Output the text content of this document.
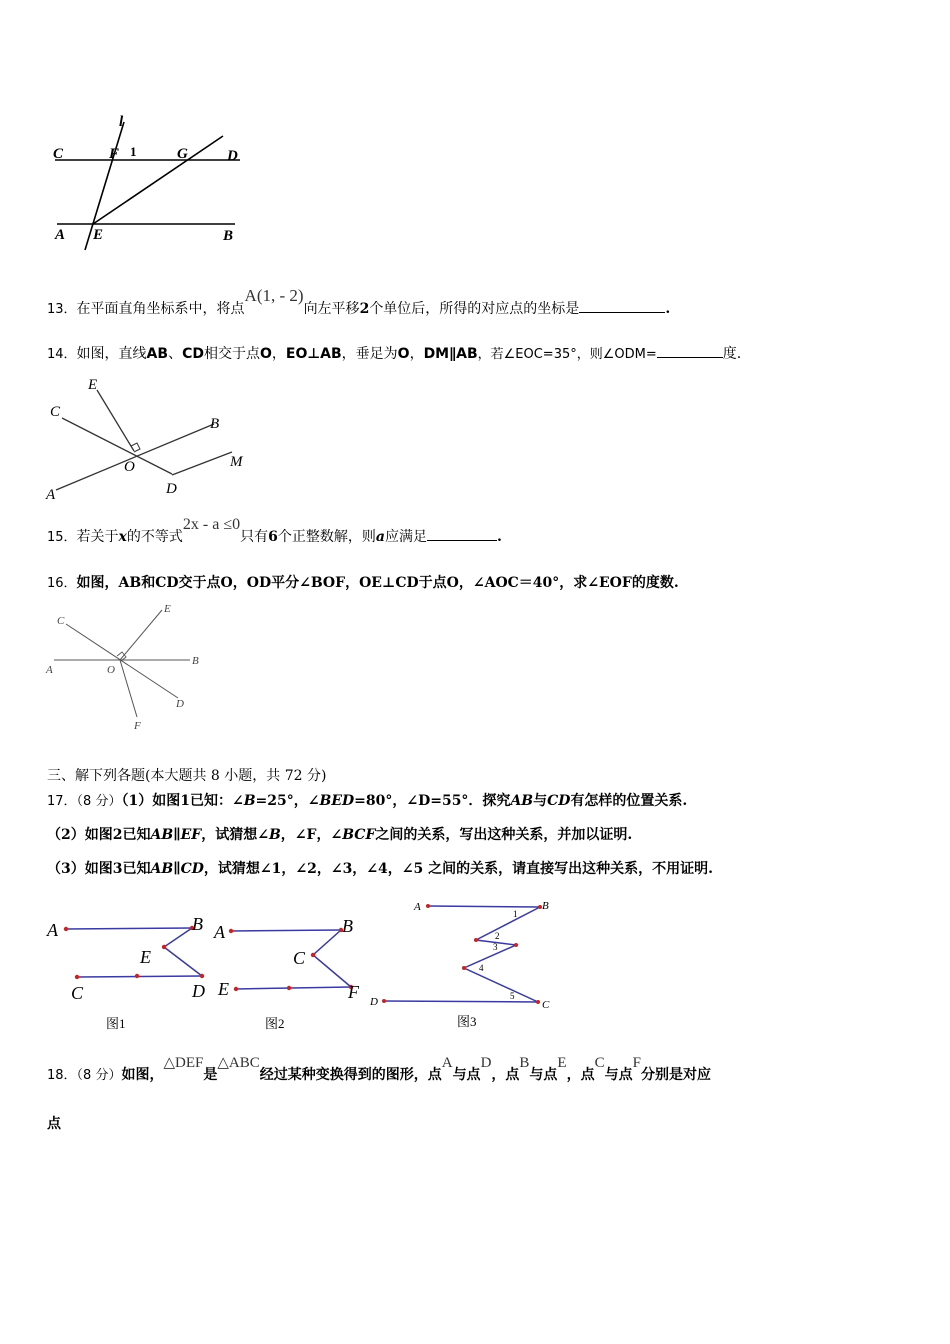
l
C	F 1	G	D
A E	B
13．在平面直角坐标系中，将点A(1, - 2)向左平移2个单位后，所得的对应点的坐标是	.
14．如图，直线AB、CD相交于点O，EO⊥AB，垂足为O，DM∥AB，若∠EOC=35°，则∠ODM=	度.
E
C
B
O	M
D
A
15．若关于x的不等式2x - a ≤0只有6个正整数解，则a应满足	.
16．如图，AB和CD交于点O，OD平分∠BOF，OE⊥CD于点O，∠AOC＝40°，求∠EOF的度数.
C
E
A	O
B
D
F
三、解下列各题(本大题共 8 小题，共 72 分)
17．（8 分）（1）如图1已知：∠B=25°，∠BED=80°，∠D=55°．探究AB与CD有怎样的位置关系.
（2）如图2已知AB∥EF，试猜想∠B，∠F，∠BCF之间的关系，写出这种关系，并加以证明.
（3）如图3已知AB∥CD，试猜想∠1，∠2，∠3，∠4，∠5 之间的关系，请直接写出这种关系，不用证明.
A	B
E
C	D
图1
A	B
C
E	F
图2
A	B
1
2
3
4
5
D	C
图3
18．（8 分）如图，△DEF是△ABC经过某种变换得到的图形，点A与点D，点B与点E，点C与点F分别是对应
点
